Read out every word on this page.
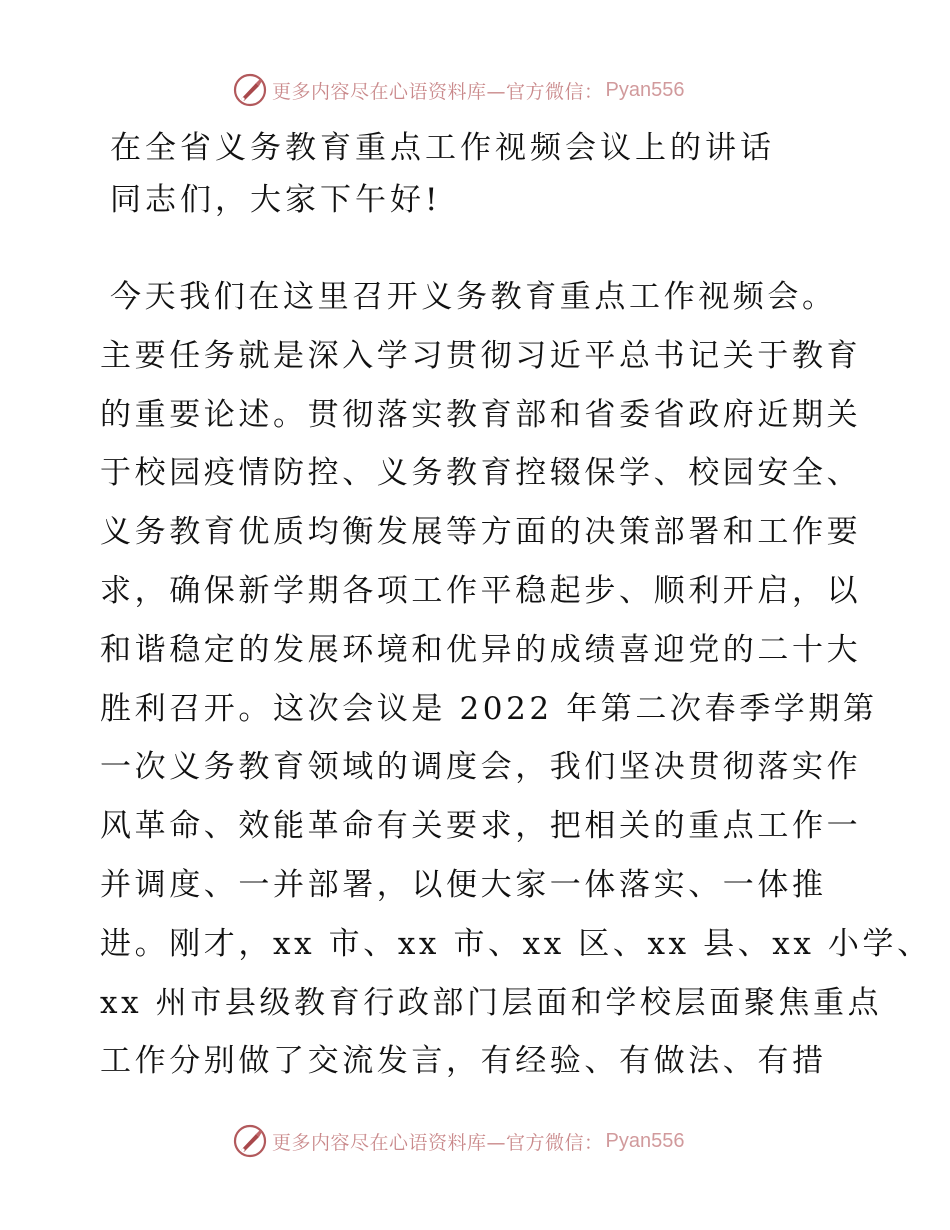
更多内容尽在心语资料库—官方微信： Pyan556
在全省义务教育重点工作视频会议上的讲话
同志们，大家下午好!
今天我们在这里召开义务教育重点工作视频会。
主要任务就是深入学习贯彻习近平总书记关于教育
的重要论述。贯彻落实教育部和省委省政府近期关
于校园疫情防控、义务教育控辍保学、校园安全、
义务教育优质均衡发展等方面的决策部署和工作要
求，确保新学期各项工作平稳起步、顺利开启，以
和谐稳定的发展环境和优异的成绩喜迎党的二十大
胜利召开。这次会议是 2022 年第二次春季学期第
一次义务教育领域的调度会，我们坚决贯彻落实作
风革命、效能革命有关要求，把相关的重点工作一
并调度、一并部署，以便大家一体落实、一体推
进。刚才，xx 市、xx 市、xx 区、xx 县、xx 小学、
xx 州市县级教育行政部门层面和学校层面聚焦重点
工作分别做了交流发言，有经验、有做法、有措
更多内容尽在心语资料库—官方微信： Pyan556
